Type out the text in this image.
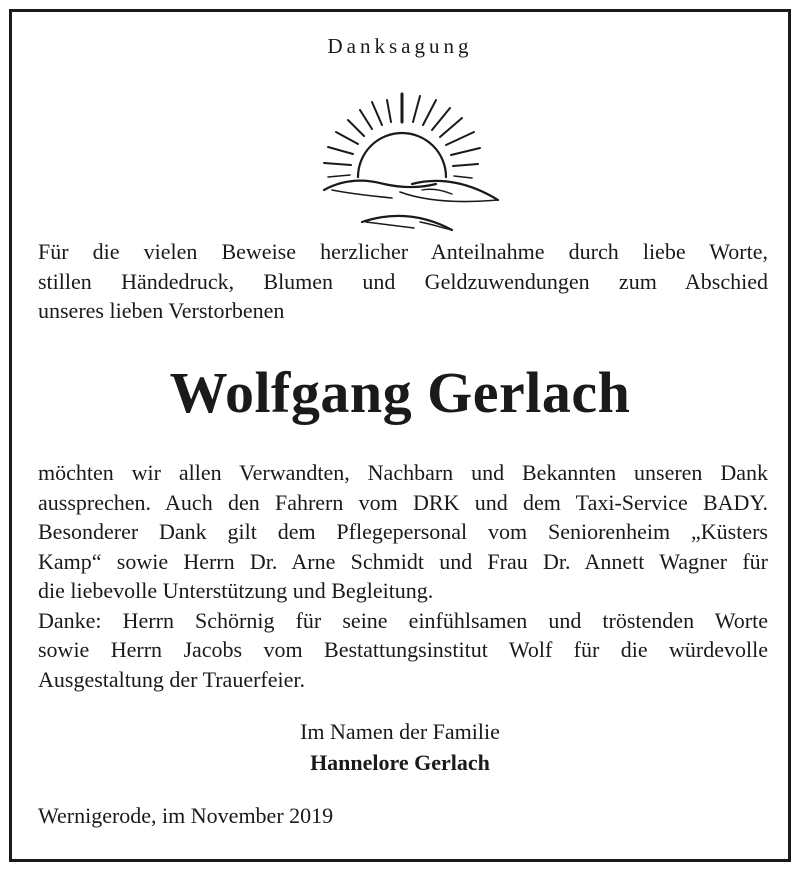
Danksagung
Für die vielen Beweise herzlicher Anteilnahme durch liebe Worte,
stillen Händedruck, Blumen und Geldzuwendungen zum Abschied
unseres lieben Verstorbenen
Wolfgang Gerlach
möchten wir allen Verwandten, Nachbarn und Bekannten unseren Dank
aussprechen. Auch den Fahrern vom DRK und dem Taxi-Service BADY.
Besonderer Dank gilt dem Pflegepersonal vom Seniorenheim „Küsters
Kamp“ sowie Herrn Dr. Arne Schmidt und Frau Dr. Annett Wagner für
die liebevolle Unterstützung und Begleitung.
Danke: Herrn Schörnig für seine einfühlsamen und tröstenden Worte
sowie Herrn Jacobs vom Bestattungsinstitut Wolf für die würdevolle
Ausgestaltung der Trauerfeier.
Im Namen der Familie
Hannelore Gerlach
Wernigerode, im November 2019
